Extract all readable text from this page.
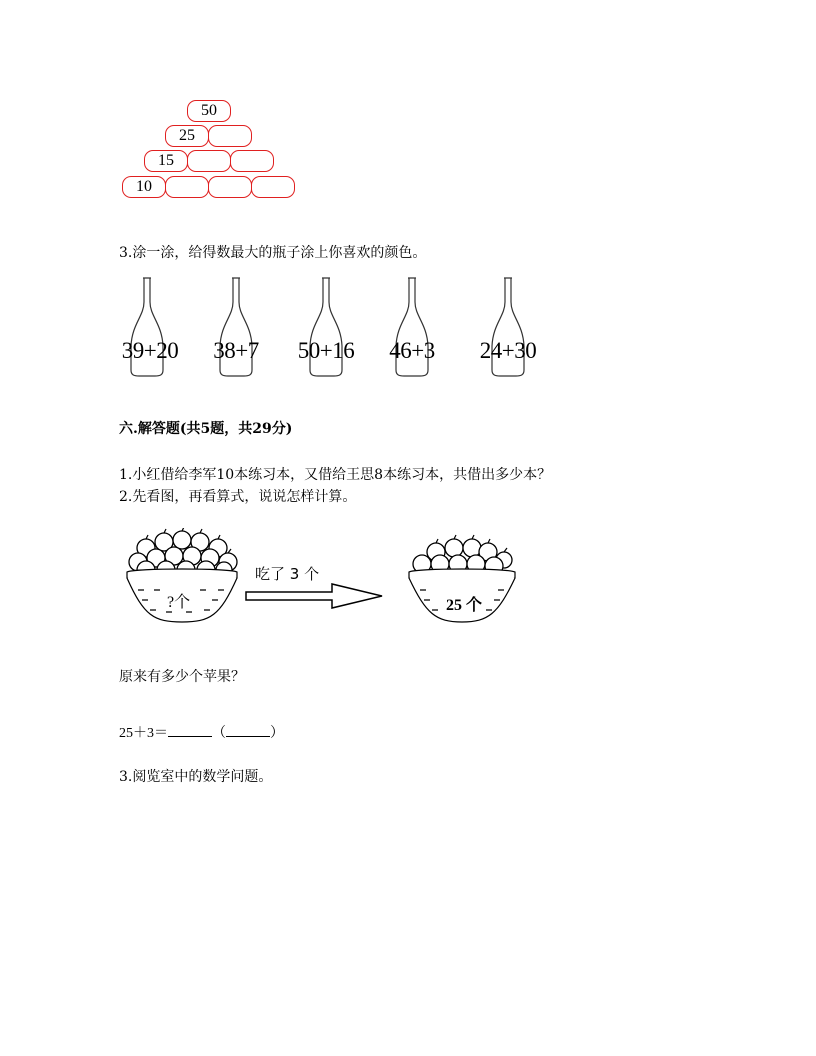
50
25
15
10
3.涂一涂，给得数最大的瓶子涂上你喜欢的颜色。
39+20	38+7	50+16	46+3	24+30
六.解答题(共5题，共29分)
1.小红借给李军10本练习本，又借给王思8本练习本，共借出多少本？
2.先看图，再看算式，说说怎样计算。
?个
吃了 3 个
25 个
原来有多少个苹果？
25＋3＝	（	）
3.阅览室中的数学问题。
